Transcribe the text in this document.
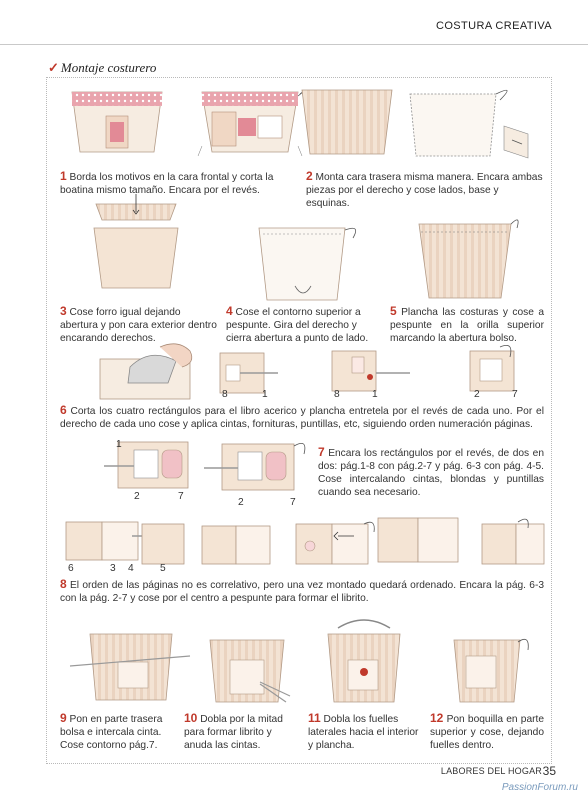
COSTURA CREATIVA
✓ Montaje costurero
8	1	8	1	2	7
1
2	7
2	7
6	3 4	5
1 Borda los motivos en la cara frontal y corta la boatina mismo tamaño. Encara por el revés.
2 Monta cara trasera misma manera. Encara ambas piezas por el derecho y cose lados, base y esquinas.
3 Cose forro igual dejando abertura y pon cara exterior dentro encarando derechos.
4 Cose el contorno superior a pespunte. Gira del derecho y cierra abertura a punto de lado.
5 Plancha las costuras y cose a pespunte en la orilla superior marcando la abertura bolso.
6 Corta los cuatro rectángulos para el libro acerico y plancha entretela por el revés de cada uno. Por el derecho de cada uno cose y aplica cintas, fornituras, puntillas, etc, siguiendo orden numeración páginas.
7 Encara los rectángulos por el revés, de dos en dos: pág.1-8 con pág.2-7 y pág. 6-3 con pág. 4-5. Cose intercalando cintas, blondas y puntillas cuando sea necesario.
8 El orden de las páginas no es correlativo, pero una vez montado quedará ordenado. Encara la pág. 6-3 con la pág. 2-7 y cose por el centro a pespunte para formar el librito.
9 Pon en parte trasera bolsa e intercala cinta. Cose contorno pág.7.
10 Dobla por la mitad para formar librito y anuda las cintas.
11 Dobla los fuelles laterales hacia el interior y plancha.
12 Pon boquilla en parte superior y cose, dejando fuelles dentro.
LABORES DEL HOGAR 35
PassionForum.ru
